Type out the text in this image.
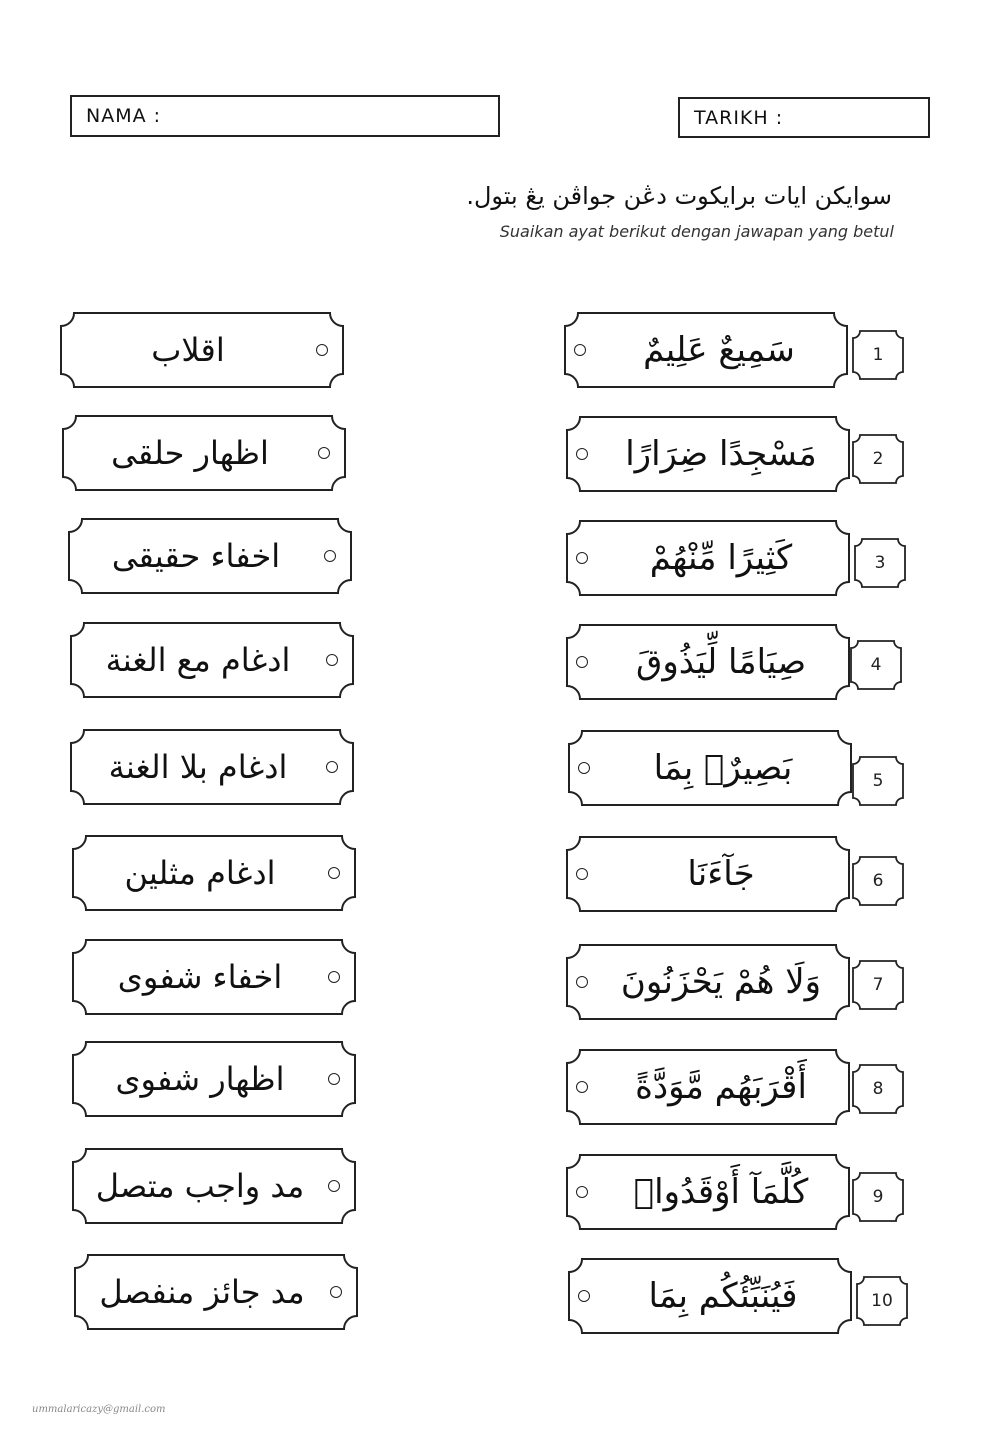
NAMA :	TARIKH :
سوايکن ايات برايکوت دڠن جواڤن يڠ بتول.
Suaikan ayat berikut dengan jawapan yang betul
اقلاب
اظهار حلقى
اخفاء حقيقى
ادغام مع الغنة
ادغام بلا الغنة
ادغام مثلين
اخفاء شفوى
اظهار شفوى
مد واجب متصل
مد جائز منفصل
سَمِيعٌ عَلِيمٌ
مَسْجِدًا ضِرَارًا
كَثِيرًا مِّنْهُمْ
صِيَامًا لِّيَذُوقَ
بَصِيرٌۢ بِمَا
جَآءَنَا
وَلَا هُمْ يَحْزَنُونَ
أَقْرَبَهُم مَّوَدَّةً
كُلَّمَآ أَوْقَدُوا۟
فَيُنَبِّئُكُم بِمَا
1
2
3
4
5
6
7
8
9
10
ummalaricazy@gmail.com
